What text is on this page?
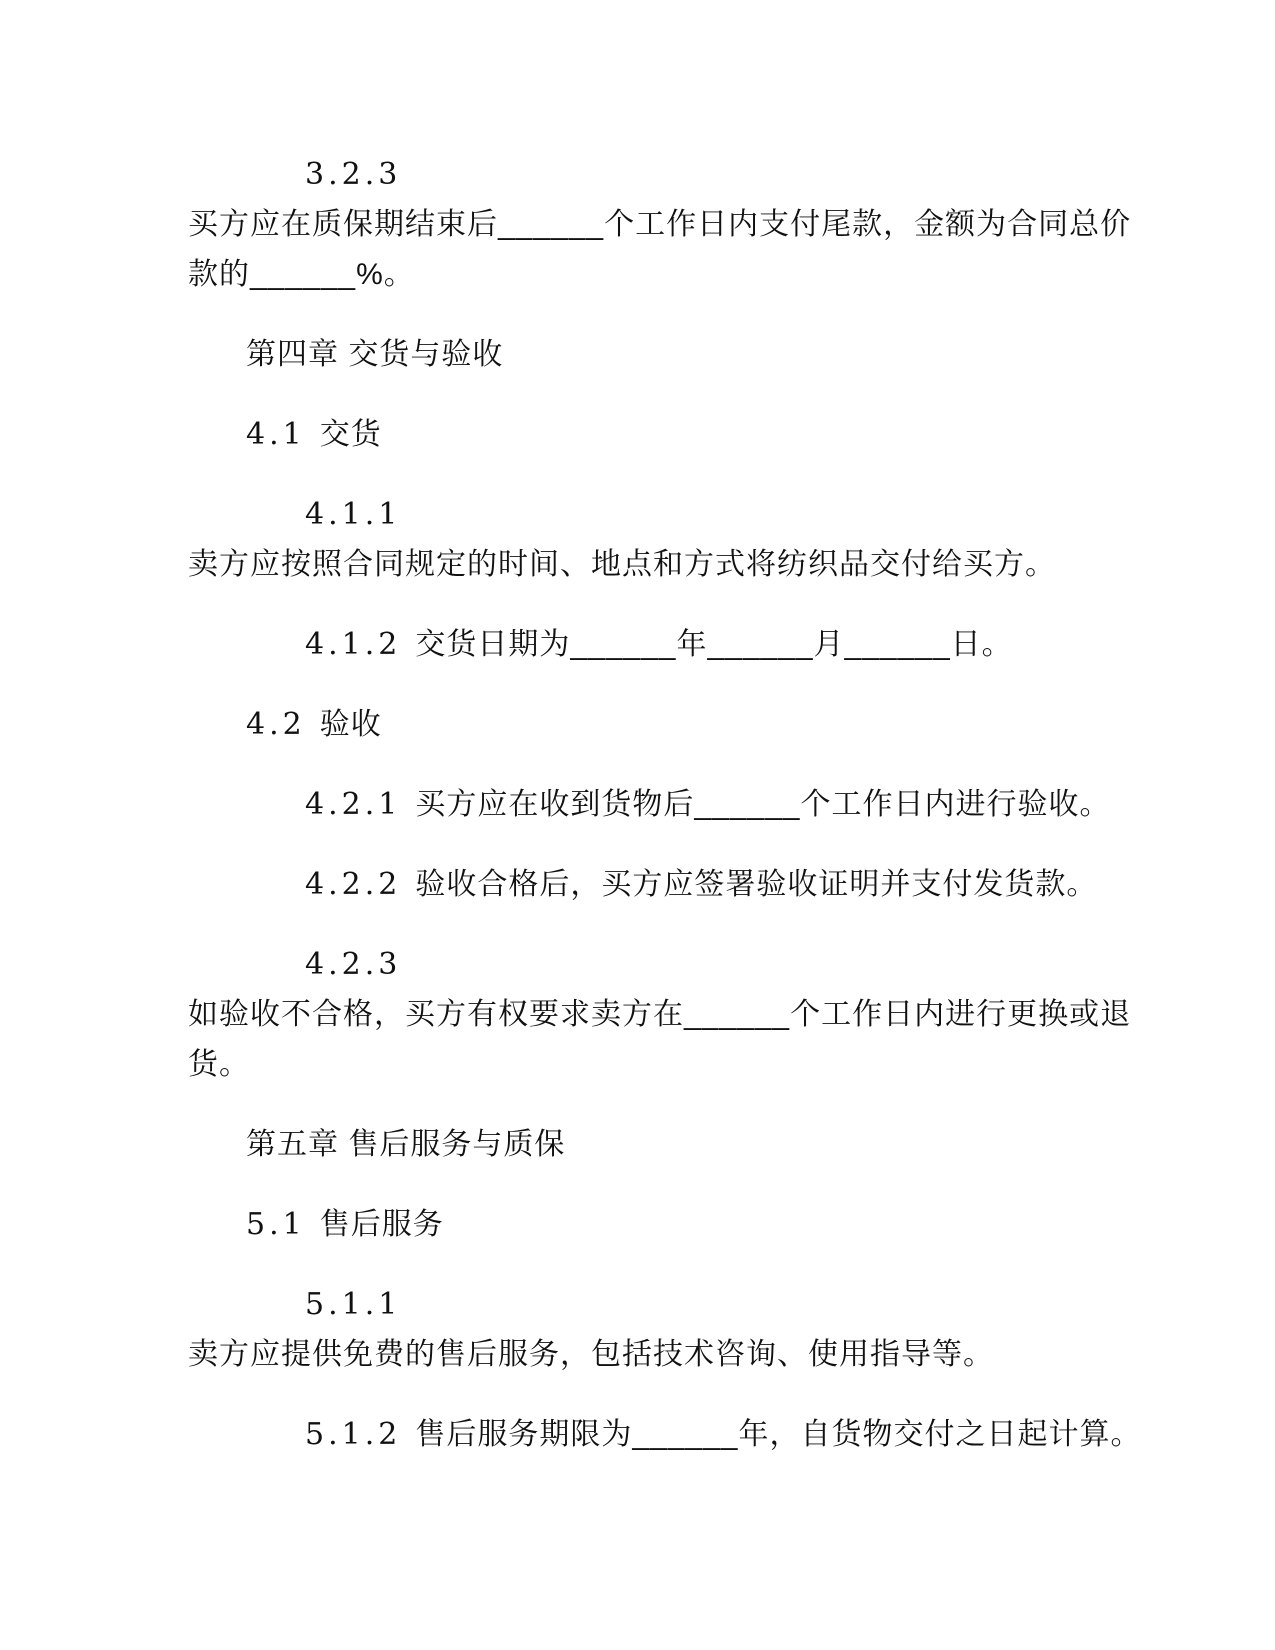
3.2.3
买方应在质保期结束后______个工作日内支付尾款，金额为合同总价
款的______%。
第四章 交货与验收
4.1 交货
4.1.1
卖方应按照合同规定的时间、地点和方式将纺织品交付给买方。
4.1.2 交货日期为______年______月______日。
4.2 验收
4.2.1 买方应在收到货物后______个工作日内进行验收。
4.2.2 验收合格后，买方应签署验收证明并支付发货款。
4.2.3
如验收不合格，买方有权要求卖方在______个工作日内进行更换或退
货。
第五章 售后服务与质保
5.1 售后服务
5.1.1
卖方应提供免费的售后服务，包括技术咨询、使用指导等。
5.1.2 售后服务期限为______年，自货物交付之日起计算。
